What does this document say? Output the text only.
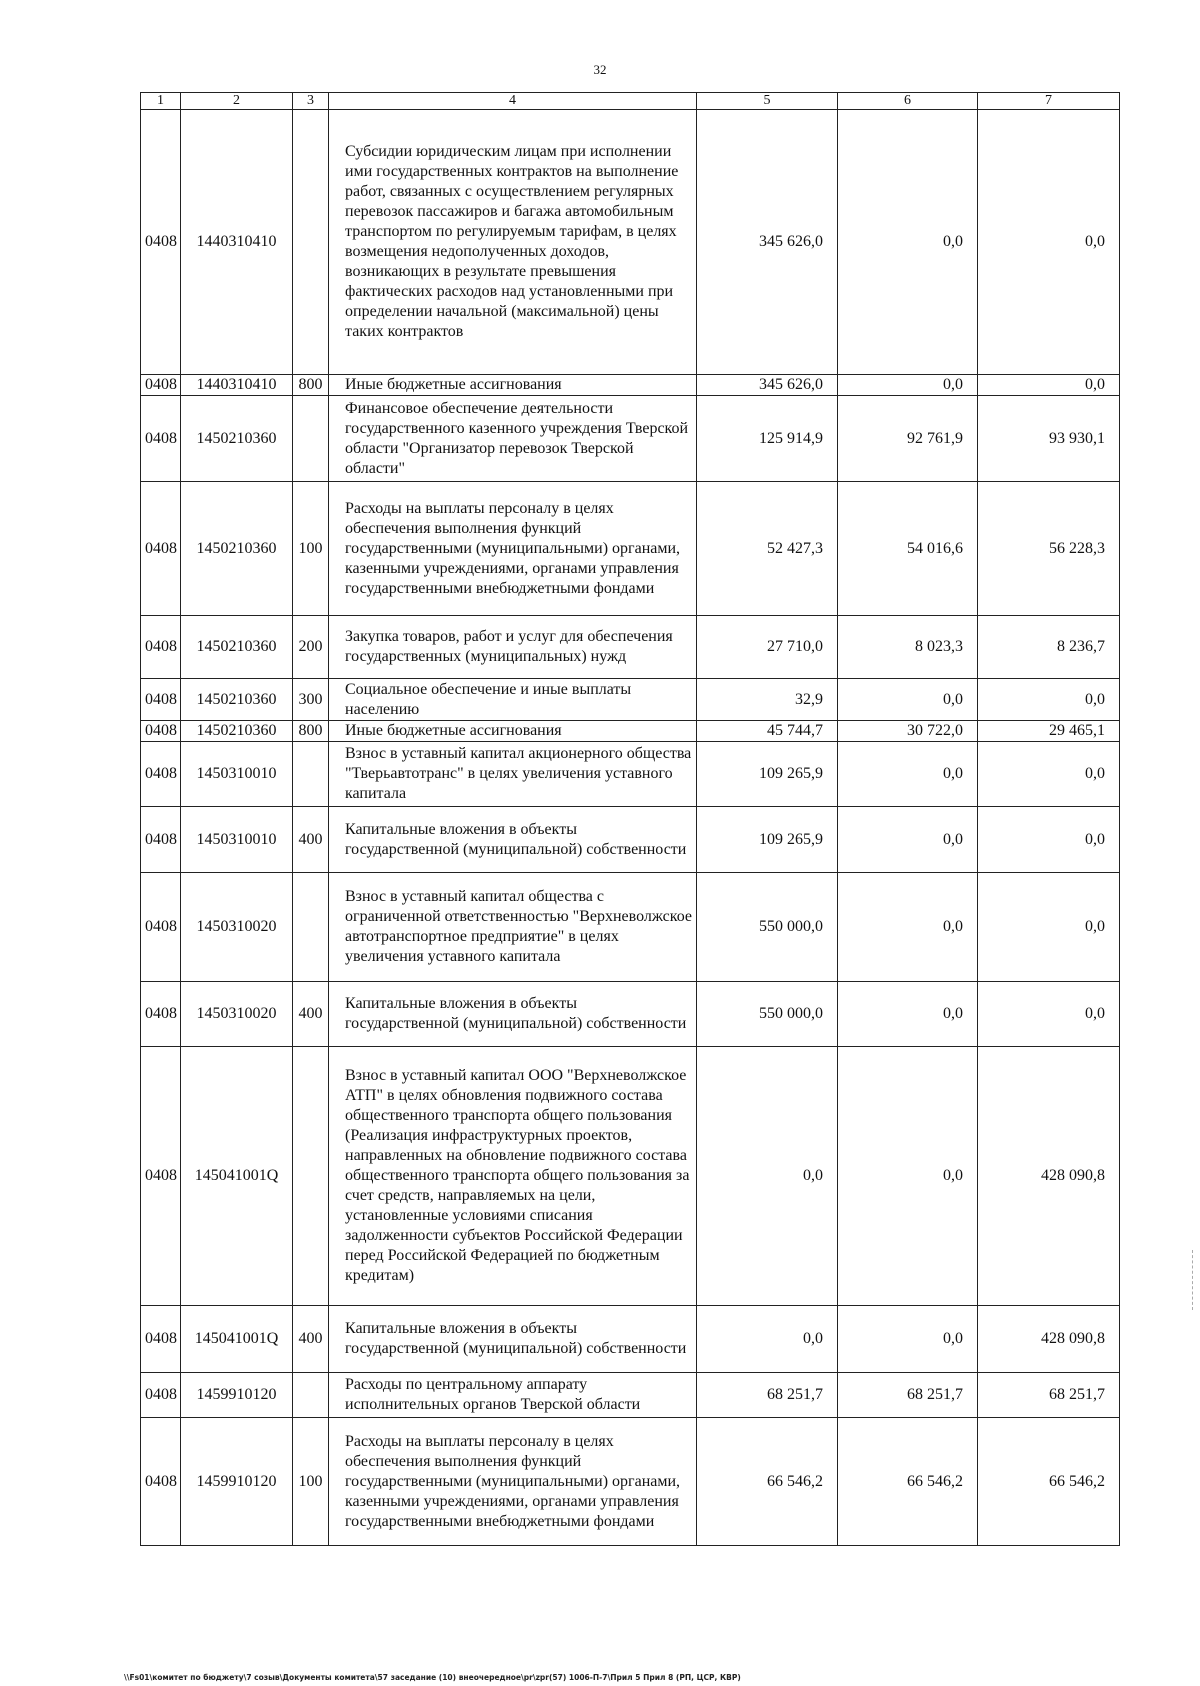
32
1	2	3	4	5	6	7
0408	1440310410		Субсидии юридическим лицам при исполнении ими государственных контрактов на выполнение работ, связанных с осуществлением регулярных перевозок пассажиров и багажа автомобильным транспортом по регулируемым тарифам, в целях возмещения недополученных доходов, возникающих в результате превышения фактических расходов над установленными при определении начальной (максимальной) цены таких контрактов	345 626,0	0,0	0,0
0408	1440310410	800	Иные бюджетные ассигнования	345 626,0	0,0	0,0
0408	1450210360		Финансовое обеспечение деятельности государственного казенного учреждения Тверской области "Организатор перевозок Тверской области"	125 914,9	92 761,9	93 930,1
0408	1450210360	100	Расходы на выплаты персоналу в целях обеспечения выполнения функций государственными (муниципальными) органами, казенными учреждениями, органами управления государственными внебюджетными фондами	52 427,3	54 016,6	56 228,3
0408	1450210360	200	Закупка товаров, работ и услуг для обеспечения государственных (муниципальных) нужд	27 710,0	8 023,3	8 236,7
0408	1450210360	300	Социальное обеспечение и иные выплаты населению	32,9	0,0	0,0
0408	1450210360	800	Иные бюджетные ассигнования	45 744,7	30 722,0	29 465,1
0408	1450310010		Взнос в уставный капитал акционерного общества "Тверьавтотранс" в целях увеличения уставного капитала	109 265,9	0,0	0,0
0408	1450310010	400	Капитальные вложения в объекты государственной (муниципальной) собственности	109 265,9	0,0	0,0
0408	1450310020		Взнос в уставный капитал общества с ограниченной ответственностью "Верхневолжское автотранспортное предприятие" в целях увеличения уставного капитала	550 000,0	0,0	0,0
0408	1450310020	400	Капитальные вложения в объекты государственной (муниципальной) собственности	550 000,0	0,0	0,0
0408	145041001Q		Взнос в уставный капитал ООО "Верхневолжское АТП" в целях обновления подвижного состава общественного транспорта общего пользования (Реализация инфраструктурных проектов, направленных на обновление подвижного состава общественного транспорта общего пользования за счет средств, направляемых на цели, установленные условиями списания задолженности субъектов Российской Федерации перед Российской Федерацией по бюджетным кредитам)	0,0	0,0	428 090,8
0408	145041001Q	400	Капитальные вложения в объекты государственной (муниципальной) собственности	0,0	0,0	428 090,8
0408	1459910120		Расходы по центральному аппарату исполнительных органов Тверской области	68 251,7	68 251,7	68 251,7
0408	1459910120	100	Расходы на выплаты персоналу в целях обеспечения выполнения функций государственными (муниципальными) органами, казенными учреждениями, органами управления государственными внебюджетными фондами	66 546,2	66 546,2	66 546,2
\\Fs01\комитет по бюджету\7 созыв\Документы комитета\57 заседание (10) внеочередное\pr\zpr(57) 1006-П-7\Прил 5 Прил 8 (РП, ЦСР, КВР)
